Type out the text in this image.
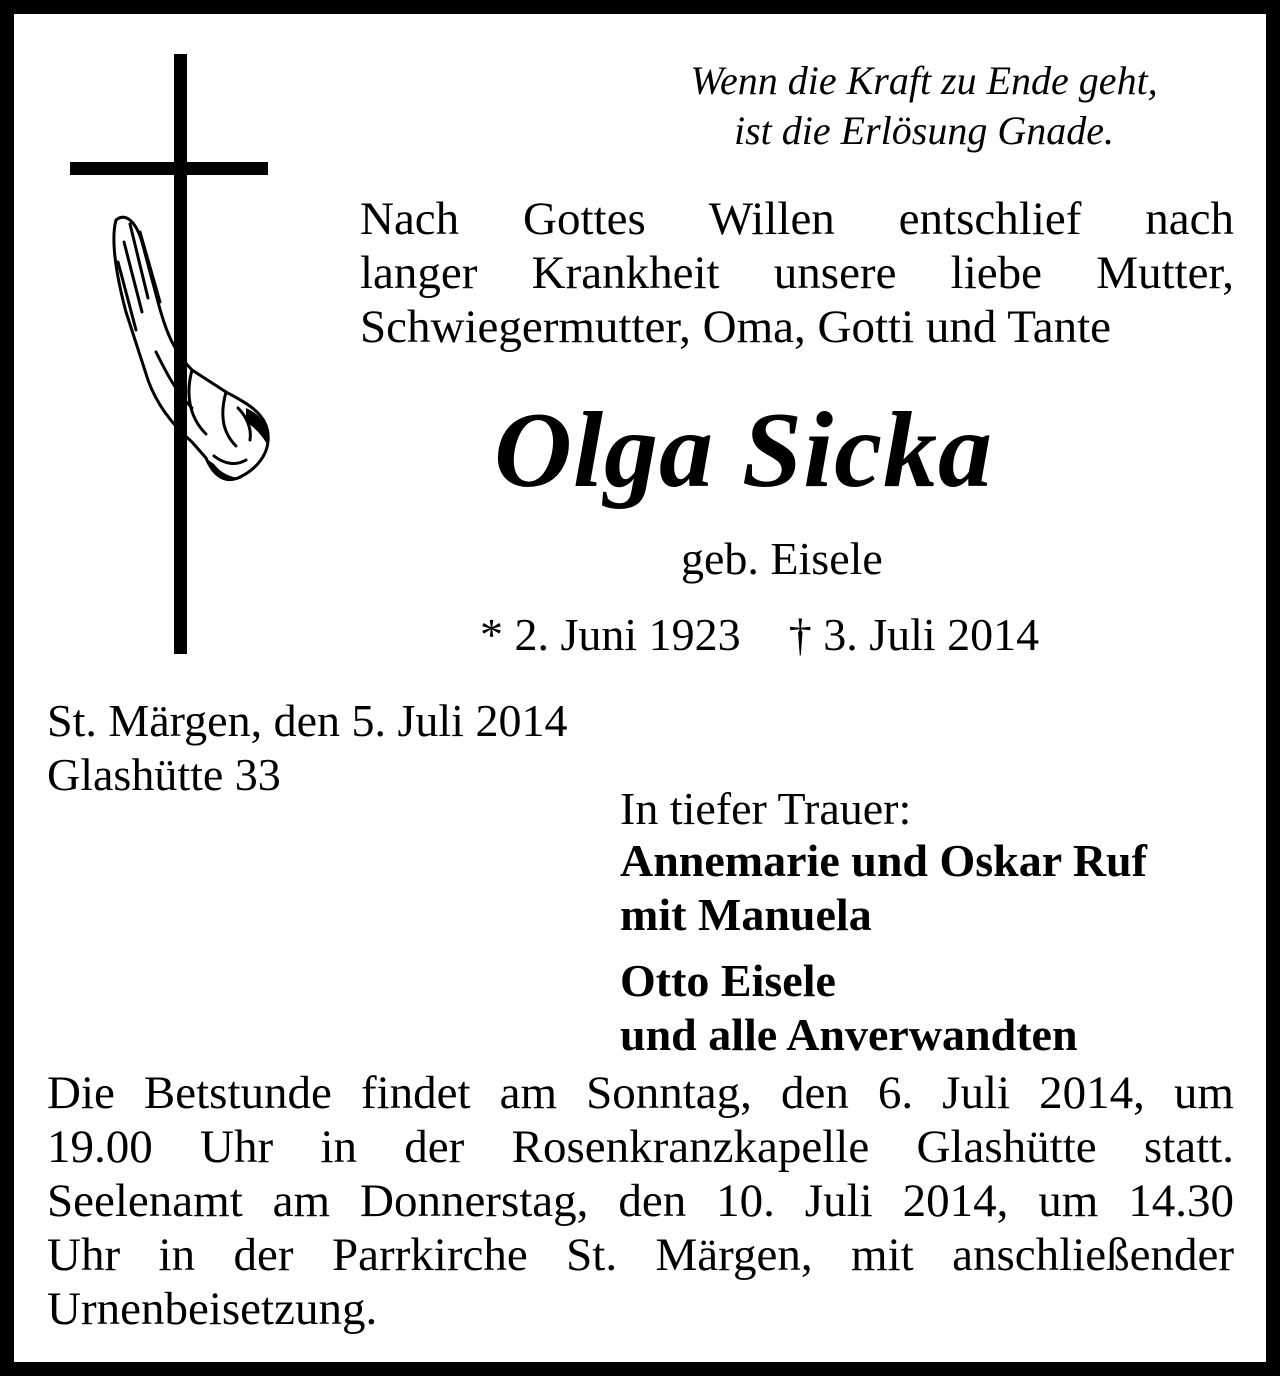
Wenn die Kraft zu Ende geht,
ist die Erlösung Gnade.
Nach Gottes Willen entschlief nach
langer Krankheit unsere liebe Mutter,
Schwiegermutter, Oma, Gotti und Tante
Olga Sicka
geb. Eisele
* 2. Juni 1923 † 3. Juli 2014
St. Märgen, den 5. Juli 2014
Glashütte 33
In tiefer Trauer:
Annemarie und Oskar Ruf
mit Manuela
Otto Eisele
und alle Anverwandten
Die Betstunde findet am Sonntag, den 6. Juli 2014, um
19.00 Uhr in der Rosenkranzkapelle Glashütte statt.
Seelenamt am Donnerstag, den 10. Juli 2014, um 14.30
Uhr in der Parrkirche St. Märgen, mit anschließender
Urnenbeisetzung.
